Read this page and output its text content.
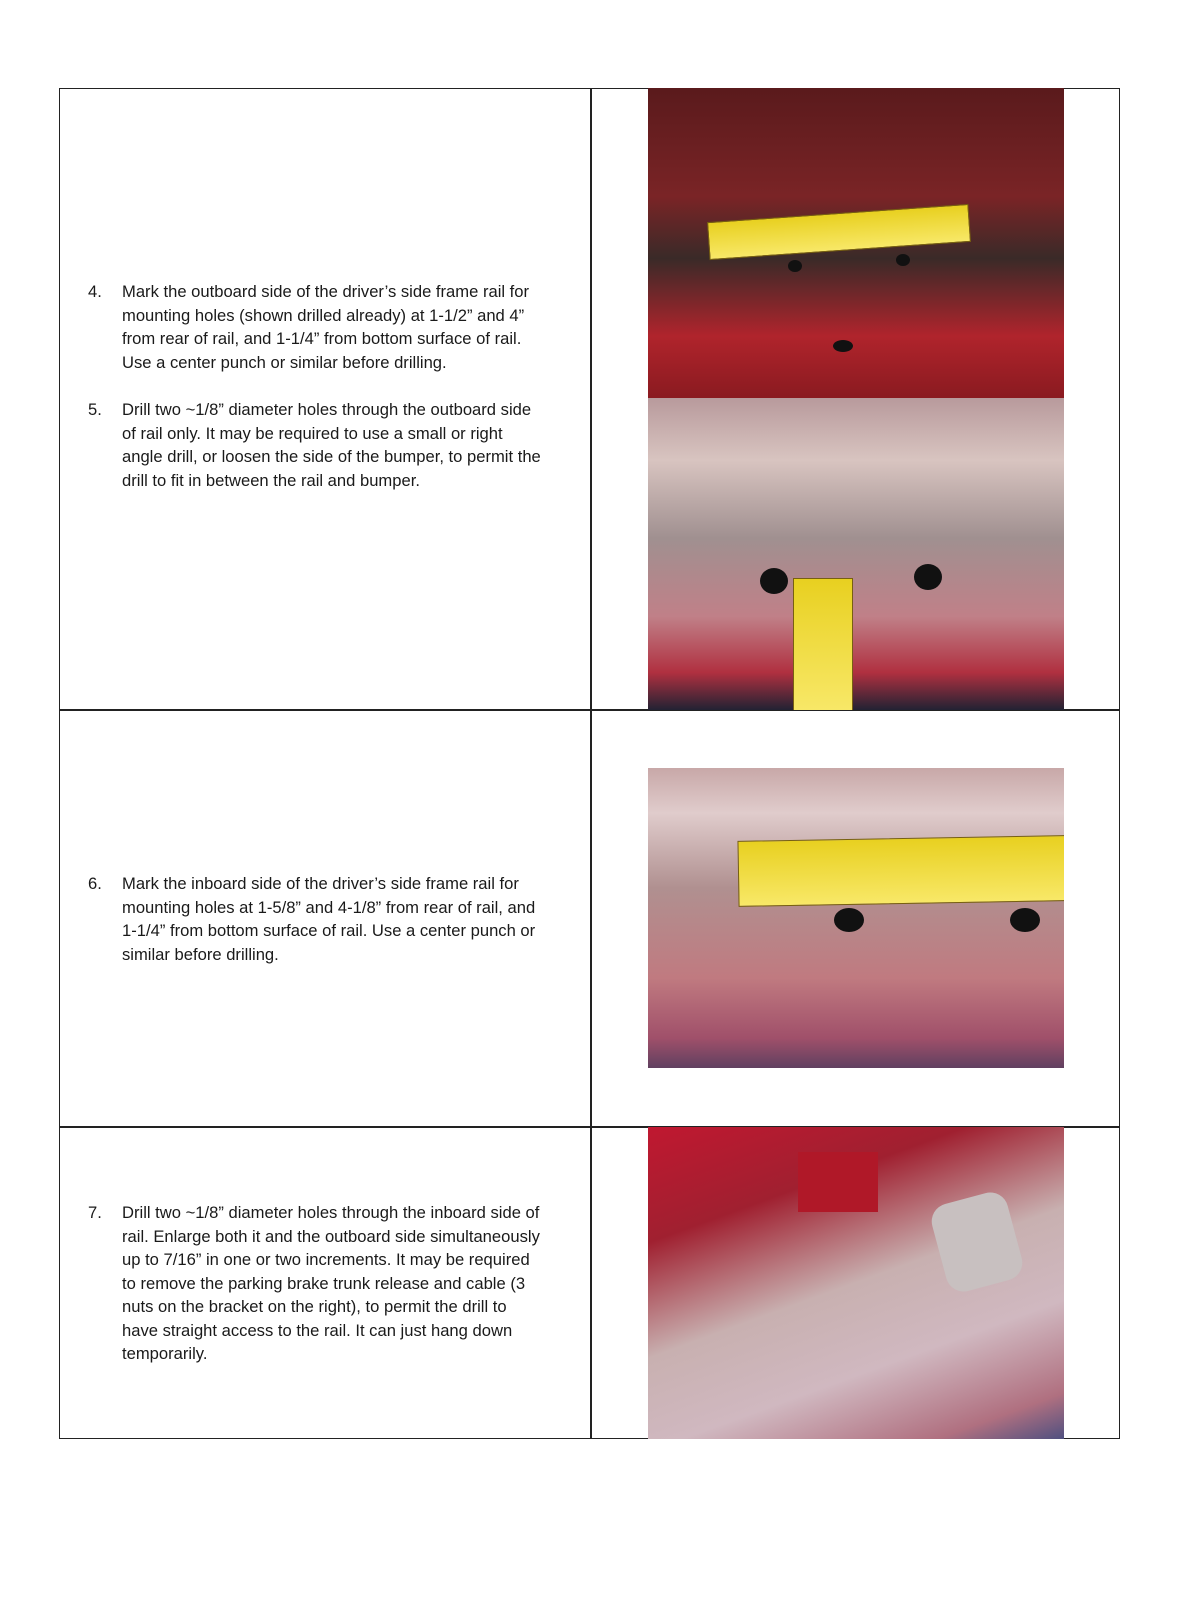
4. Mark the outboard side of the driver’s side frame rail for
mounting holes (shown drilled already) at 1-1/2” and 4”
from rear of rail, and 1-1/4” from bottom surface of rail.
Use a center punch or similar before drilling.
5. Drill two ~1/8” diameter holes through the outboard side
of rail only. It may be required to use a small or right
angle drill, or loosen the side of the bumper, to permit the
drill to fit in between the rail and bumper.
6. Mark the inboard side of the driver’s side frame rail for
mounting holes at 1-5/8” and 4-1/8” from rear of rail, and
1-1/4” from bottom surface of rail. Use a center punch or
similar before drilling.
7. Drill two ~1/8” diameter holes through the inboard side of
rail. Enlarge both it and the outboard side simultaneously
up to 7/16” in one or two increments. It may be required
to remove the parking brake trunk release and cable (3
nuts on the bracket on the right), to permit the drill to
have straight access to the rail. It can just hang down
temporarily.
